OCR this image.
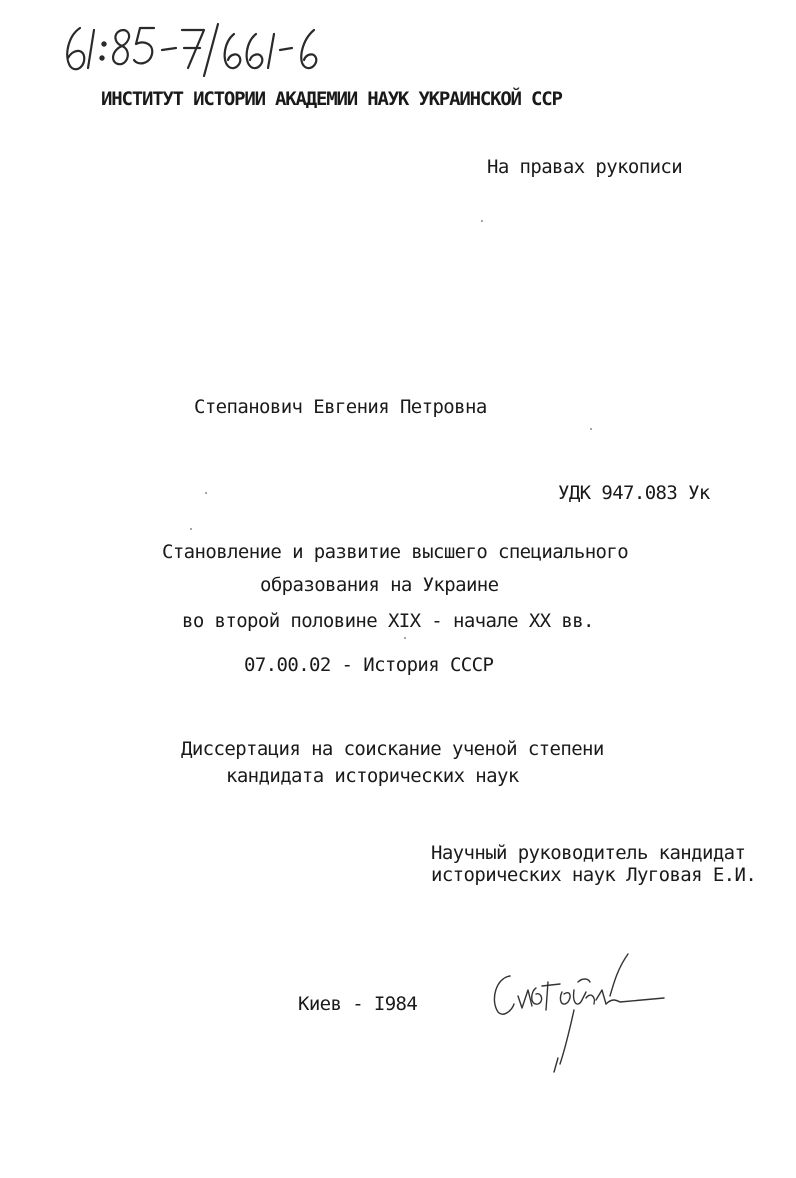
ИНСТИТУТ ИСТОРИИ АКАДЕМИИ НАУК УКРАИНСКОЙ ССР
На правах рукописи
Степанович Евгения Петровна
УДК 947.083 Ук
Становление и развитие высшего специального
образования на Украине
во второй половине XIX - начале XX вв.
07.00.02 - История СССР
Диссертация на соискание ученой степени
кандидата исторических наук
Научный руководитель кандидат
исторических наук Луговая Е.И.
Киев - I984
